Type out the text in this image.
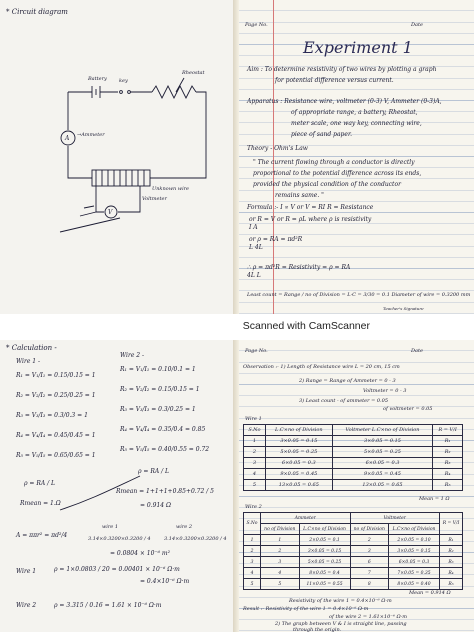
* Circuit diagram
Battery key
Rheostat
A →Ammeter
Unknown wire
V
Voltmeter
Page No.	Date
Experiment 1
Aim : To determine resistivity of two wires by plotting a graph
for potential difference versus current.
Apparatus : Resistance wire, voltmeter (0-3) V, Ammeter (0-3)A,
of appropriate range, a battery, Rheostat,
meter scale, one way key, connecting wire,
piece of sand paper.
Theory - Ohm's Law
" The current flowing through a conductor is directly
proportional to the potential difference across its ends,
provided the physical condition of the conductor
remains same. "
Formula :- I ∝ V or V = RI R = Resistance
or R = V or R = ρL where ρ is resistivity
I A
or ρ = RA = πd²R
L 4L
∴ ρ = πd²R = Resistivity = ρ = RA
4L L
Least count = Range / no of Division = L·C = 3/30 = 0.1 Diameter of wire = 0.3200 mm
Teacher's Signature
Scanned with CamScanner
* Calculation -
Wire 1 -
Wire 2 -
R₁ = V₁/I₁ = 0.15/0.15 = 1
R₂ = V₂/I₂ = 0.25/0.25 = 1
R₃ = V₃/I₃ = 0.3/0.3 = 1
R₄ = V₄/I₄ = 0.45/0.45 = 1
R₅ = V₅/I₅ = 0.65/0.65 = 1
R₁ = V₁/I₁ = 0.10/0.1 = 1
R₂ = V₂/I₂ = 0.15/0.15 = 1
R₃ = V₃/I₃ = 0.3/0.25 = 1
R₄ = V₄/I₄ = 0.35/0.4 = 0.85
R₅ = V₅/I₅ = 0.40/0.55 = 0.72
ρ = RA / L
ρ = RA / L
Rmean = 1.Ω
Rmean = 1+1+1+0.85+0.72 / 5
= 0.914 Ω
A = ππr² = πd²/4
wire 1	wire 2
3.14×0.3200×0.3200 / 4	3.14×0.3200×0.3200 / 4
= 0.0804 × 10⁻⁶ m²
Wire 1	ρ = 1×0.0803 / 20 = 0.00401 × 10⁻⁶ Ω·m
= 0.4×10⁻⁶ Ω·m
Wire 2	ρ = 3.315 / 0.16 = 1.61 × 10⁻⁶ Ω·m
Page No.	Date
Observation :- 1) Length of Resistance wire L = 20 cm, 15 cm
2) Range = Range of Ammeter = 0 - 3
Voltmeter = 0 - 3
3) Least count - of ammeter = 0.05
of voltmeter = 0.05
Wire 1
S.No	L.C×no of Division	Voltmeter L.C×no of Division	R = V/I
1	3×0.05 = 0.15	3×0.05 = 0.15	R₁
2	5×0.05 = 0.25	5×0.05 = 0.25	R₂
3	6×0.05 = 0.3	6×0.05 = 0.3	R₃
4	9×0.05 = 0.45	9×0.05 = 0.45	R₄
5	13×0.05 = 0.65	13×0.05 = 0.65	R₅
Mean = 1 Ω
Wire 2
S.No	Ammeter		Voltmeter		R = V/I
	no of Division	L.C×no of Division	no of Division	L.C×no of Division	
1	1	2×0.05 = 0.1	2	2×0.05 = 0.10	R₁
2	2	3×0.05 = 0.15	3	3×0.05 = 0.15	R₂
3	3	5×0.05 = 0.25	6	6×0.05 = 0.3	R₃
4	4	8×0.05 = 0.4	7	7×0.05 = 0.35	R₄
5	5	11×0.05 = 0.55	8	8×0.05 = 0.40	R₅
Mean = 0.914 Ω
Resistivity of the wire 1 = 0.4×10⁻⁶ Ω·m
Result :- Resistivity of the wire 1 = 0.4×10⁻⁶ Ω·m
of the wire 2 = 1.61×10⁻⁶ Ω·m
2) The graph between V & I is straight line, passing
through the origin.
